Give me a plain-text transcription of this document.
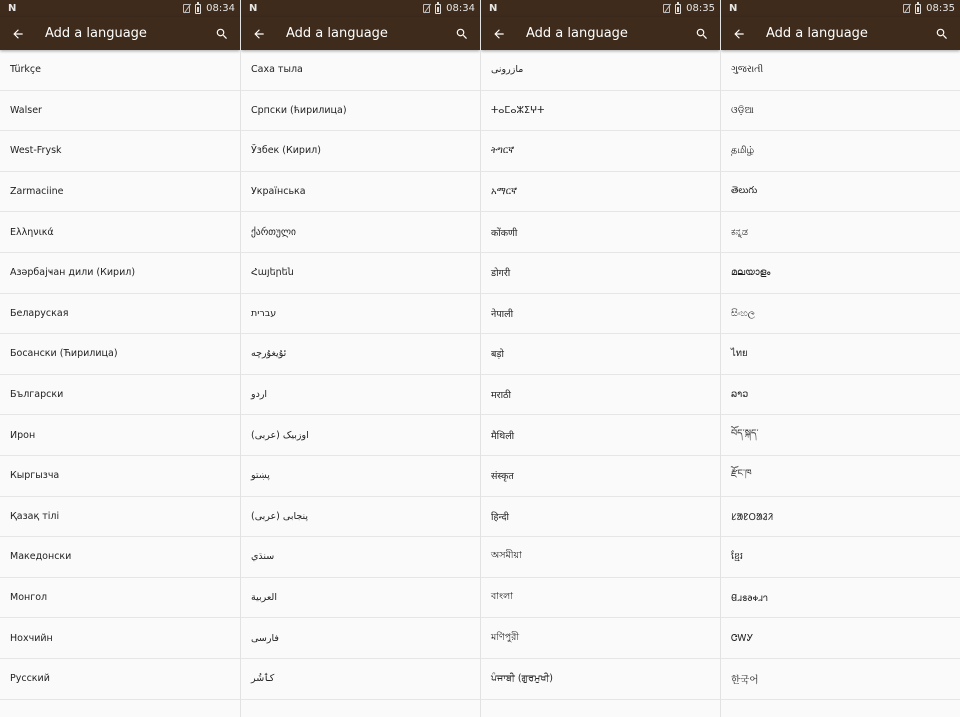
N	08:34
Add a language
Türkçe
Walser
West-Frysk
Zarmaciine
Ελληνικά
Азәрбајҹан дили (Кирил)
Беларуская
Босански (Ћирилица)
Български
Ирон
Кыргызча
Қазақ тілі
Македонски
Монгол
Нохчийн
Русский
N	08:34
Add a language
Саха тыла
Српски (ћирилица)
Ўзбек (Кирил)
Українська
ქართული
Հայերեն
עברית
ئۇيغۇرچە
اردو
اوزبیک (عربی)
پښتو
پنجابی (عربی)
سنڌي
العربية
فارسی
کٲشُر
N	08:35
Add a language
مازرونی
ⵜⴰⵎⴰⵣⵉⵖⵜ
ትግርኛ
አማርኛ
कोंकणी
डोगरी
नेपाली
बड़ो
मराठी
मैथिली
संस्कृत
हिन्दी
অসমীয়া
বাংলা
মণিপুরী
ਪੰਜਾਬੀ (ਗੁਰਮੁਖੀ)
N	08:35
Add a language
ગુજરાતી
ଓଡ଼ିଆ
தமிழ்
తెలుగు
ಕನ್ನಡ
മലയാളം
සිංහල
ไทย
ລາວ
བོད་སྐད་
རྫོང་ཁ
ᱥᱟᱱᱛᱟᱲᱤ
ខ្មែរ
𐐔𐐯𐑅𐐨𐑉𐐯𐐻
ᏣᎳᎩ
한국어
